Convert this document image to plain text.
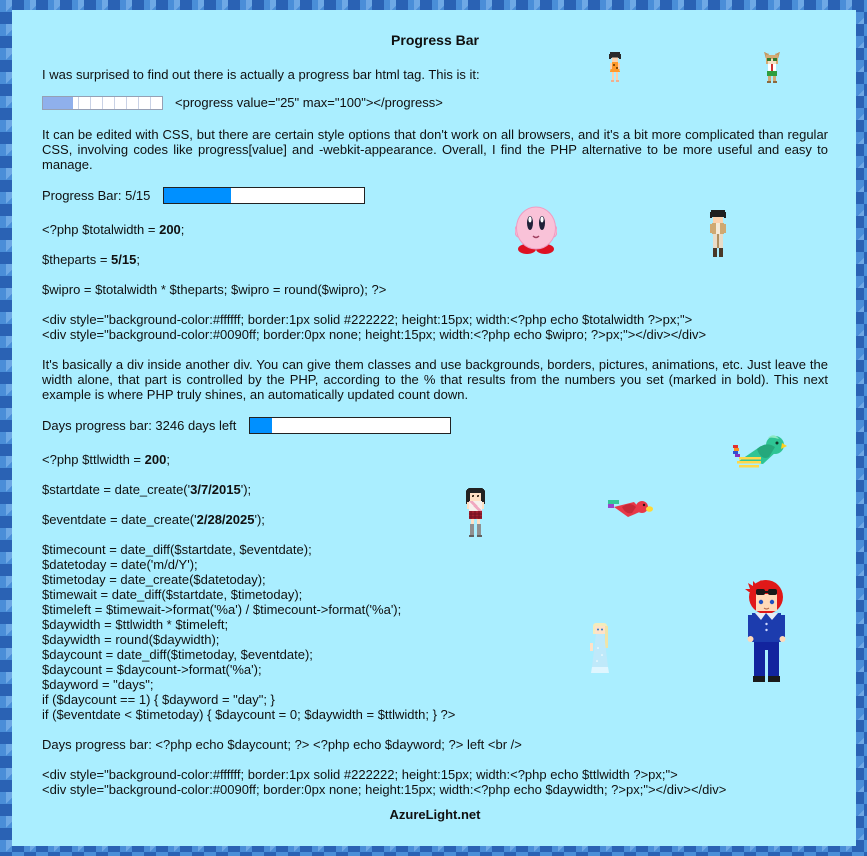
Progress Bar

I was surprised to find out there is actually a progress bar html tag. This is it:

<progress value="25" max="100"></progress>

It can be edited with CSS, but there are certain style options that don't work on all browsers, and it's a bit more complicated than regular CSS, involving codes like progress[value] and -webkit-appearance. Overall, I find the PHP alternative to be more useful and easy to manage.

Progress Bar: 5/15

<?php $totalwidth = 200;

$theparts = 5/15;

$wipro = $totalwidth * $theparts; $wipro = round($wipro); ?>

<div style="background-color:#ffffff; border:1px solid #222222; height:15px; width:<?php echo $totalwidth ?>px;">

<div style="background-color:#0090ff; border:0px none; height:15px; width:<?php echo $wipro; ?>px;"></div></div>

It's basically a div inside another div. You can give them classes and use backgrounds, borders, pictures, animations, etc. Just leave the width alone, that part is controlled by the PHP, according to the % that results from the numbers you set (marked in bold). This next example is where PHP truly shines, an automatically updated count down.

Days progress bar: 3246 days left

<?php $ttlwidth = 200;

$startdate = date_create('3/7/2015');

$eventdate = date_create('2/28/2025');

$timecount = date_diff($startdate, $eventdate);

$datetoday = date('m/d/Y');

$timetoday = date_create($datetoday);

$timewait = date_diff($startdate, $timetoday);

$timeleft = $timewait->format('%a') / $timecount->format('%a');

$daywidth = $ttlwidth * $timeleft;

$daywidth = round($daywidth);

$daycount = date_diff($timetoday, $eventdate);

$daycount = $daycount->format('%a');

$dayword = "days";

if ($daycount == 1) { $dayword = "day"; }

if ($eventdate < $timetoday) { $daycount = 0; $daywidth = $ttlwidth; } ?>

Days progress bar: <?php echo $daycount; ?> <?php echo $dayword; ?> left <br />

<div style="background-color:#ffffff; border:1px solid #222222; height:15px; width:<?php echo $ttlwidth ?>px;">

<div style="background-color:#0090ff; border:0px none; height:15px; width:<?php echo $daywidth; ?>px;"></div></div>

AzureLight.net
